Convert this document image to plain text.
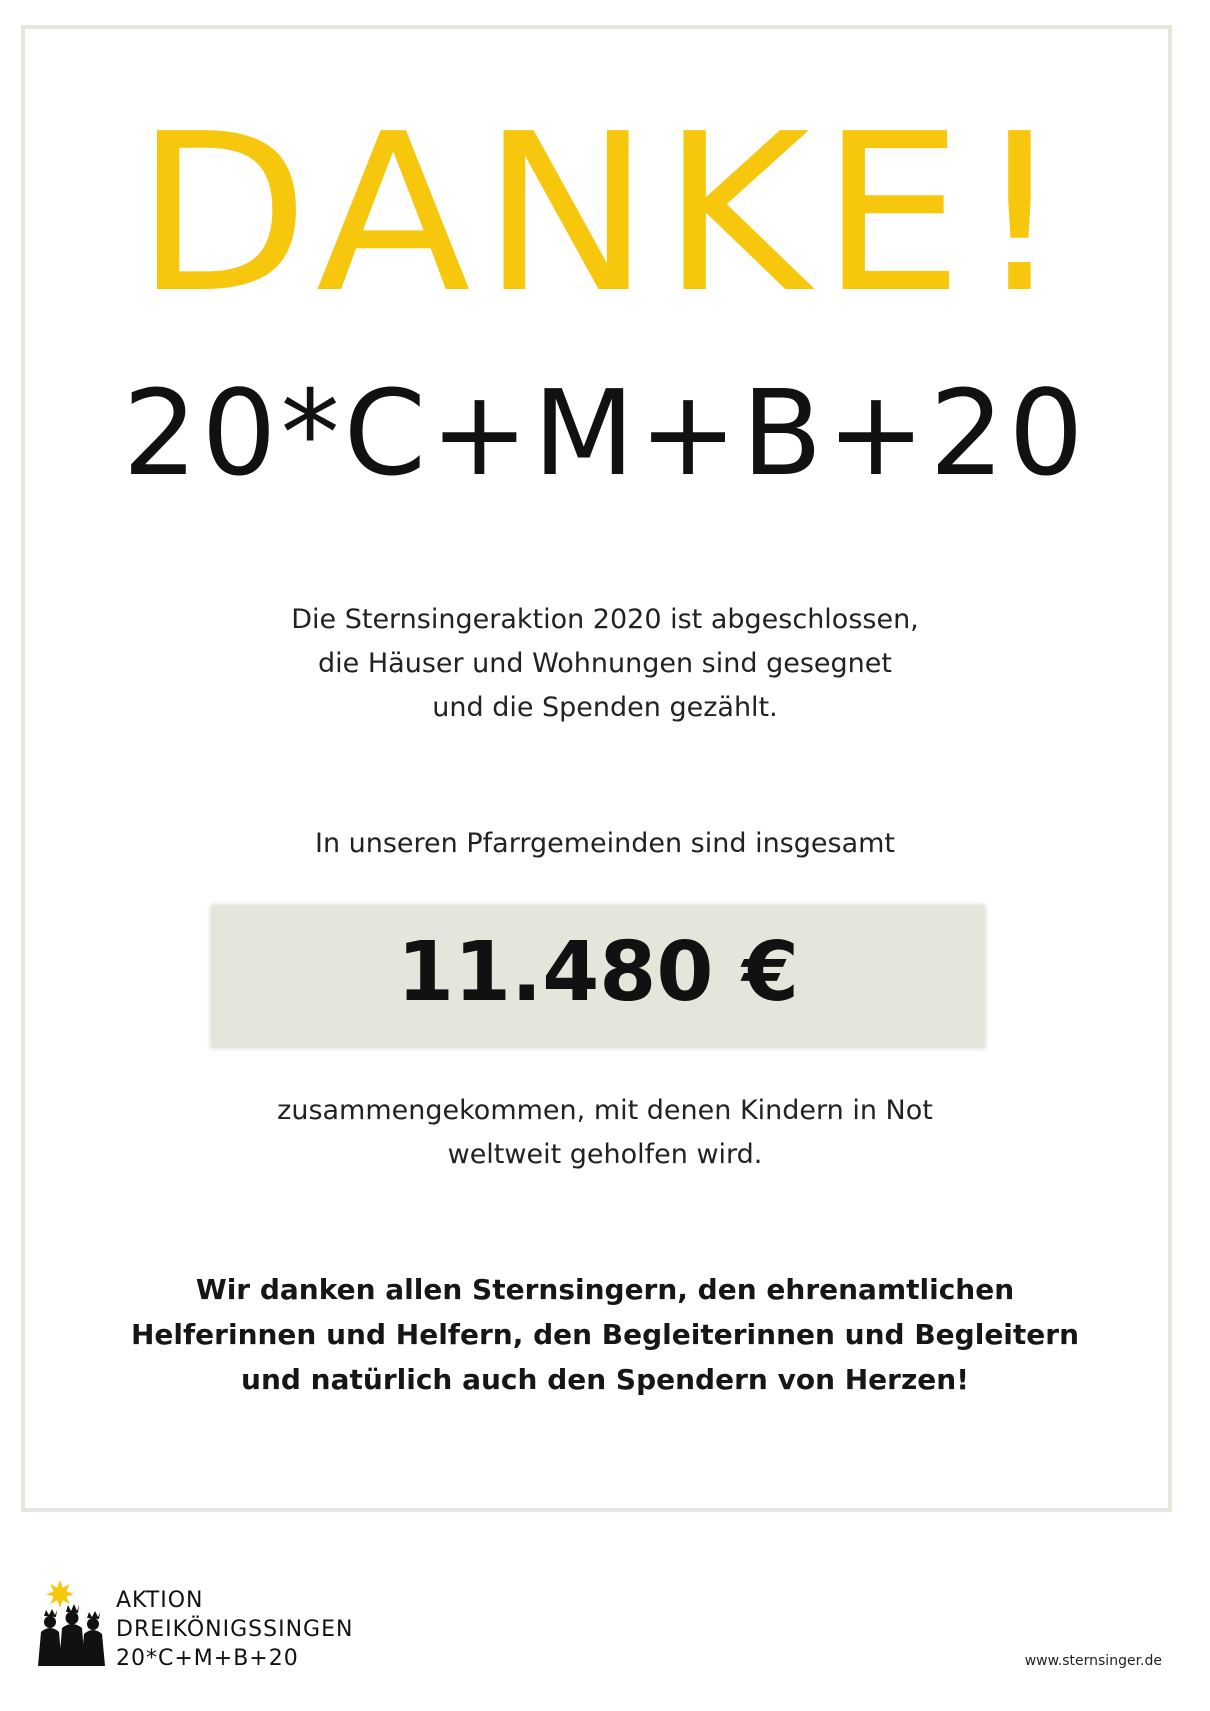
DANKE!
20*C+M+B+20
Die Sternsingeraktion 2020 ist abgeschlossen,
die Häuser und Wohnungen sind gesegnet
und die Spenden gezählt.
In unseren Pfarrgemeinden sind insgesamt
11.480 €
zusammengekommen, mit denen Kindern in Not
weltweit geholfen wird.
Wir danken allen Sternsingern, den ehrenamtlichen
Helferinnen und Helfern, den Begleiterinnen und Begleitern
und natürlich auch den Spendern von Herzen!
AKTION
DREIKÖNIGSSINGEN
20*C+M+B+20	www.sternsinger.de
